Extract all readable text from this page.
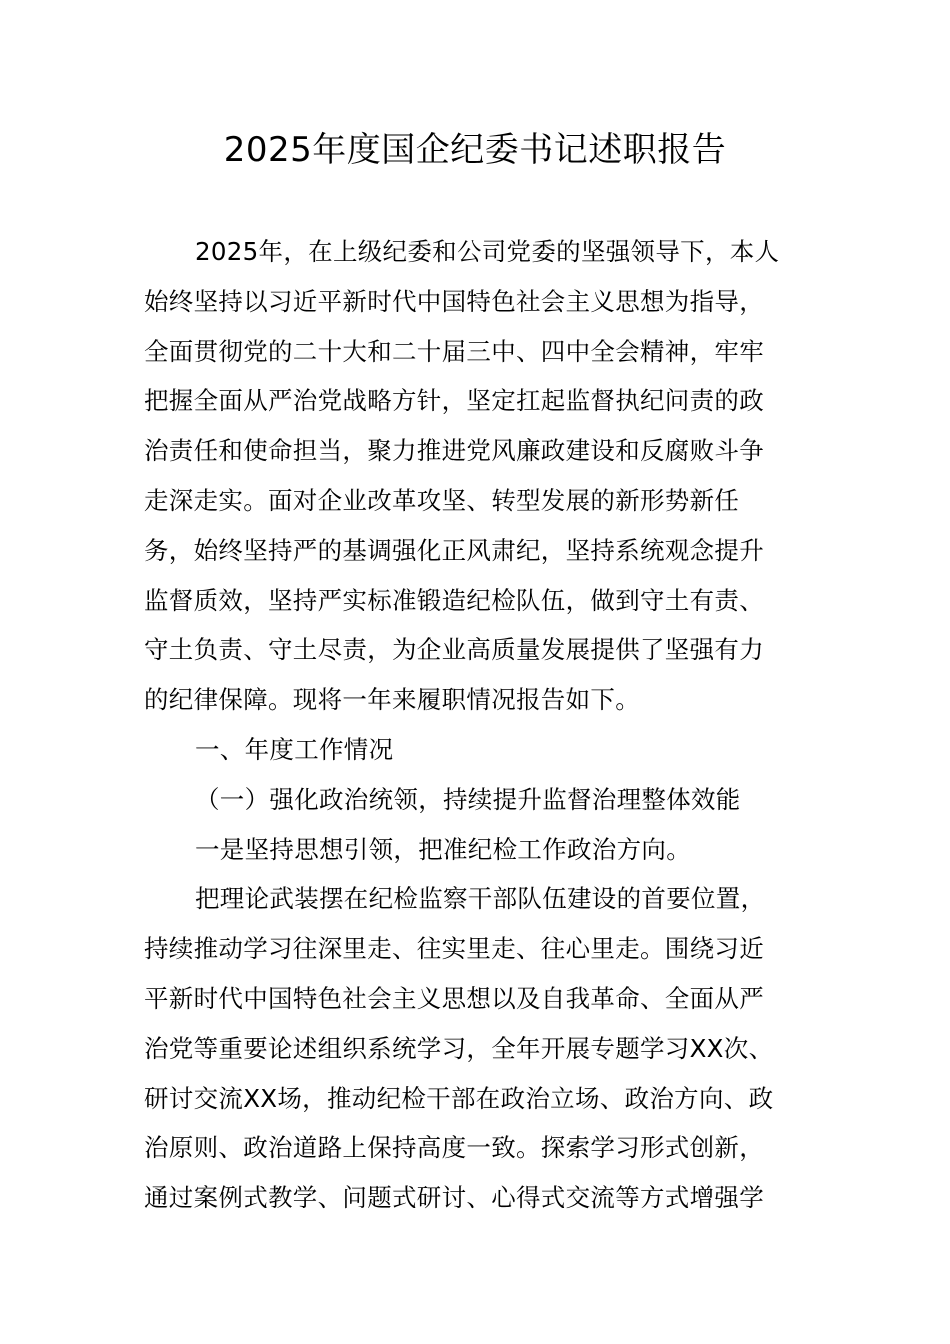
2025年度国企纪委书记述职报告
2025年，在上级纪委和公司党委的坚强领导下，本人
始终坚持以习近平新时代中国特色社会主义思想为指导，
全面贯彻党的二十大和二十届三中、四中全会精神，牢牢
把握全面从严治党战略方针，坚定扛起监督执纪问责的政
治责任和使命担当，聚力推进党风廉政建设和反腐败斗争
走深走实。面对企业改革攻坚、转型发展的新形势新任
务，始终坚持严的基调强化正风肃纪，坚持系统观念提升
监督质效，坚持严实标准锻造纪检队伍，做到守土有责、
守土负责、守土尽责，为企业高质量发展提供了坚强有力
的纪律保障。现将一年来履职情况报告如下。
一、年度工作情况
（一）强化政治统领，持续提升监督治理整体效能
一是坚持思想引领，把准纪检工作政治方向。
把理论武装摆在纪检监察干部队伍建设的首要位置，
持续推动学习往深里走、往实里走、往心里走。围绕习近
平新时代中国特色社会主义思想以及自我革命、全面从严
治党等重要论述组织系统学习，全年开展专题学习XX次、
研讨交流XX场，推动纪检干部在政治立场、政治方向、政
治原则、政治道路上保持高度一致。探索学习形式创新，
通过案例式教学、问题式研讨、心得式交流等方式增强学
